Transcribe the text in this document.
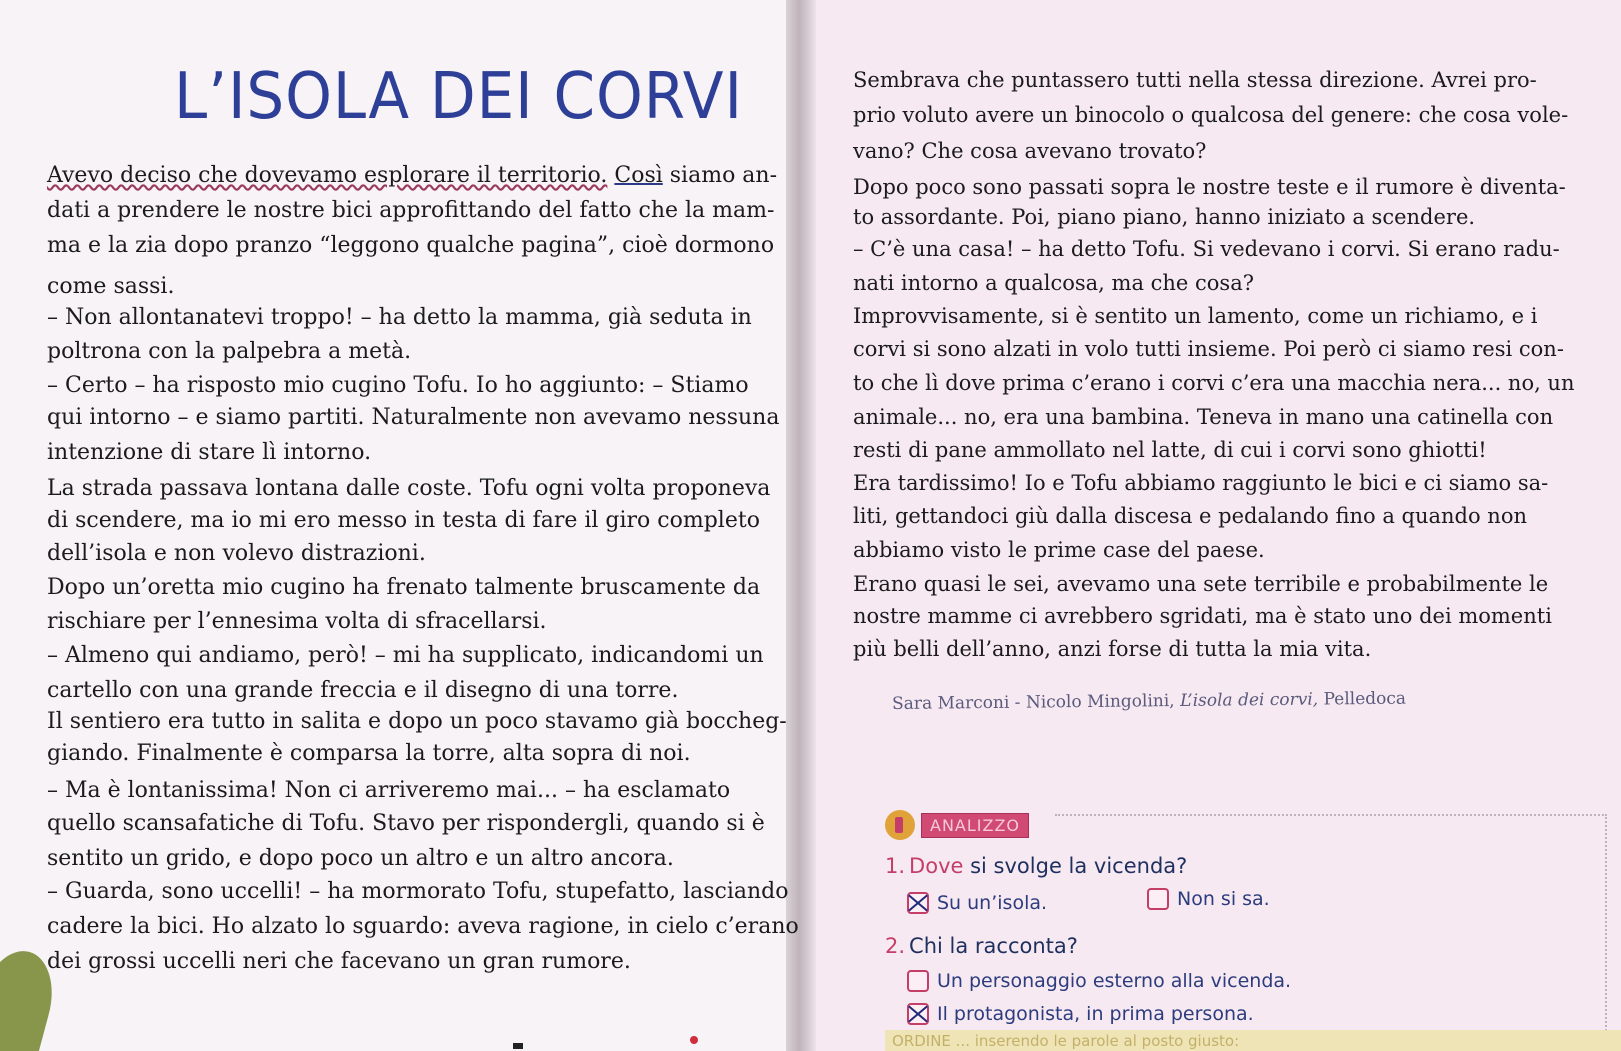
L’ISOLA DEI CORVI
Avevo deciso che dovevamo esplorare il territorio. Così siamo an-
dati a prendere le nostre bici approfittando del fatto che la mam-
ma e la zia dopo pranzo “leggono qualche pagina”, cioè dormono
come sassi.
– Non allontanatevi troppo! – ha detto la mamma, già seduta in
poltrona con la palpebra a metà.
– Certo – ha risposto mio cugino Tofu. Io ho aggiunto: – Stiamo
qui intorno – e siamo partiti. Naturalmente non avevamo nessuna
intenzione di stare lì intorno.
La strada passava lontana dalle coste. Tofu ogni volta proponeva
di scendere, ma io mi ero messo in testa di fare il giro completo
dell’isola e non volevo distrazioni.
Dopo un’oretta mio cugino ha frenato talmente bruscamente da
rischiare per l’ennesima volta di sfracellarsi.
– Almeno qui andiamo, però! – mi ha supplicato, indicandomi un
cartello con una grande freccia e il disegno di una torre.
Il sentiero era tutto in salita e dopo un poco stavamo già boccheg-
giando. Finalmente è comparsa la torre, alta sopra di noi.
– Ma è lontanissima! Non ci arriveremo mai... – ha esclamato
quello scansafatiche di Tofu. Stavo per rispondergli, quando si è
sentito un grido, e dopo poco un altro e un altro ancora.
– Guarda, sono uccelli! – ha mormorato Tofu, stupefatto, lasciando
cadere la bici. Ho alzato lo sguardo: aveva ragione, in cielo c’erano
dei grossi uccelli neri che facevano un gran rumore.
Sembrava che puntassero tutti nella stessa direzione. Avrei pro-
prio voluto avere un binocolo o qualcosa del genere: che cosa vole-
vano? Che cosa avevano trovato?
Dopo poco sono passati sopra le nostre teste e il rumore è diventa-
to assordante. Poi, piano piano, hanno iniziato a scendere.
– C’è una casa! – ha detto Tofu. Si vedevano i corvi. Si erano radu-
nati intorno a qualcosa, ma che cosa?
Improvvisamente, si è sentito un lamento, come un richiamo, e i
corvi si sono alzati in volo tutti insieme. Poi però ci siamo resi con-
to che lì dove prima c’erano i corvi c’era una macchia nera... no, un
animale... no, era una bambina. Teneva in mano una catinella con
resti di pane ammollato nel latte, di cui i corvi sono ghiotti!
Era tardissimo! Io e Tofu abbiamo raggiunto le bici e ci siamo sa-
liti, gettandoci giù dalla discesa e pedalando fino a quando non
abbiamo visto le prime case del paese.
Erano quasi le sei, avevamo una sete terribile e probabilmente le
nostre mamme ci avrebbero sgridati, ma è stato uno dei momenti
più belli dell’anno, anzi forse di tutta la mia vita.
Sara Marconi - Nicolo Mingolini, L’isola dei corvi, Pelledoca
ANALIZZO
1. Dove si svolge la vicenda?
Su un’isola.	Non si sa.
2. Chi la racconta?
Un personaggio esterno alla vicenda.
Il protagonista, in prima persona.
ORDINE ... inserendo le parole al posto giusto:
